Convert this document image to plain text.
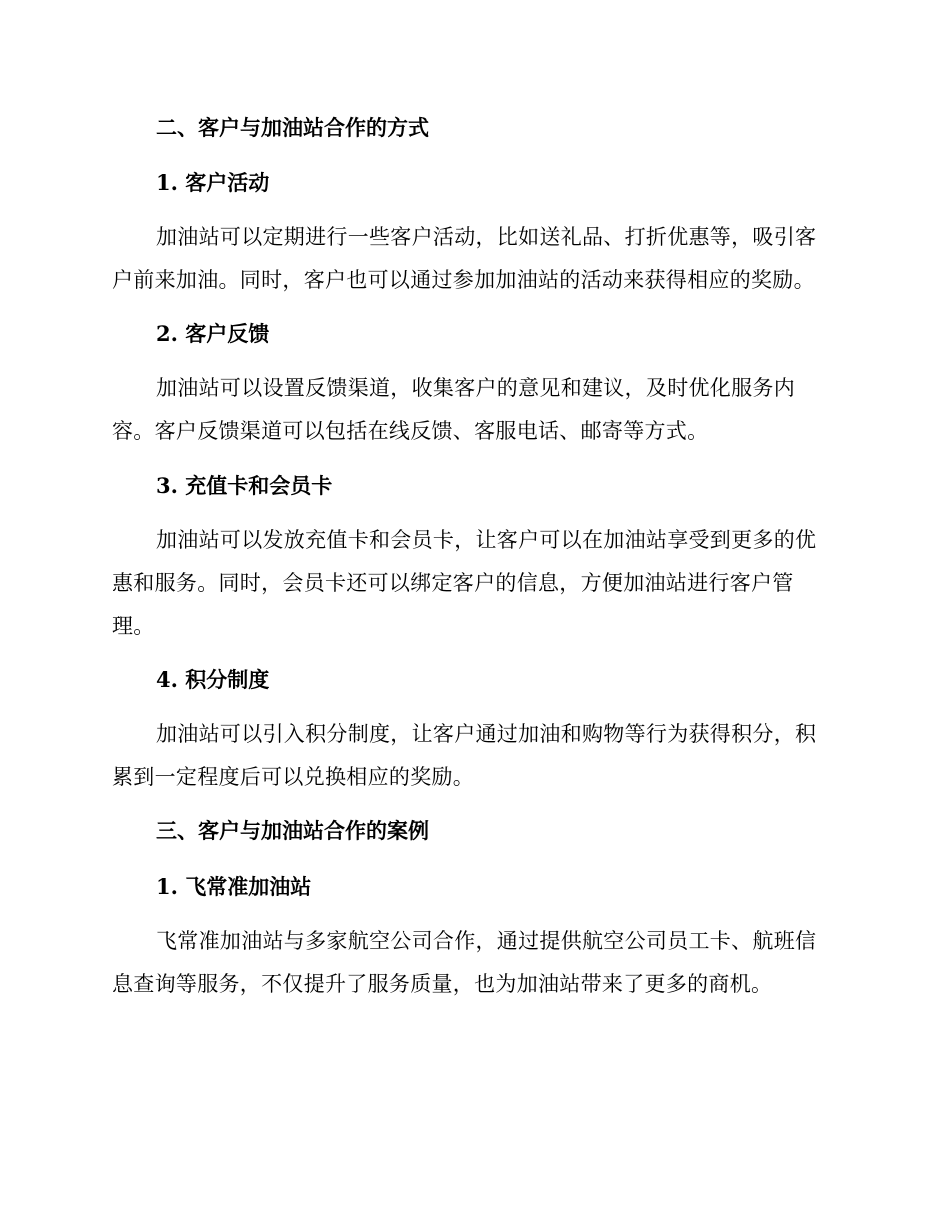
二、客户与加油站合作的方式
1. 客户活动
加油站可以定期进行一些客户活动，比如送礼品、打折优惠等，吸引客
户前来加油。同时，客户也可以通过参加加油站的活动来获得相应的奖励。
2. 客户反馈
加油站可以设置反馈渠道，收集客户的意见和建议，及时优化服务内
容。客户反馈渠道可以包括在线反馈、客服电话、邮寄等方式。
3. 充值卡和会员卡
加油站可以发放充值卡和会员卡，让客户可以在加油站享受到更多的优
惠和服务。同时，会员卡还可以绑定客户的信息，方便加油站进行客户管
理。
4. 积分制度
加油站可以引入积分制度，让客户通过加油和购物等行为获得积分，积
累到一定程度后可以兑换相应的奖励。
三、客户与加油站合作的案例
1. 飞常准加油站
飞常准加油站与多家航空公司合作，通过提供航空公司员工卡、航班信
息查询等服务，不仅提升了服务质量，也为加油站带来了更多的商机。
